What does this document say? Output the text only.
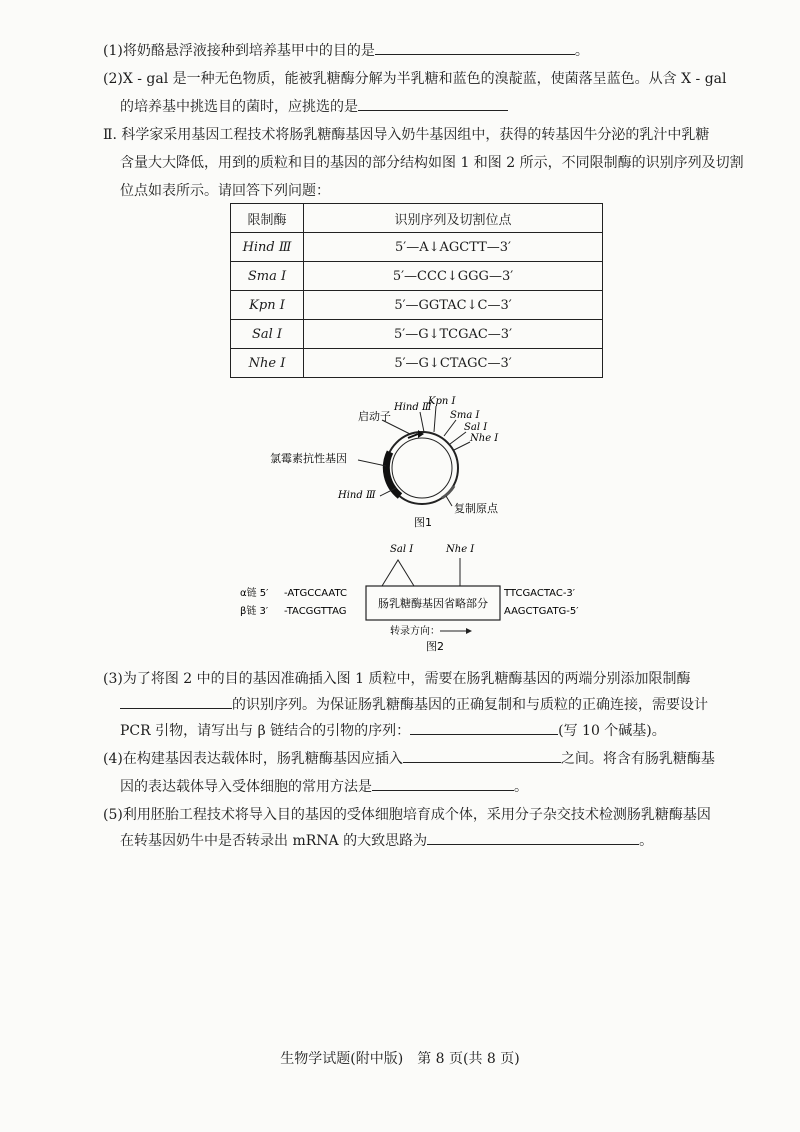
(1)将奶酪悬浮液接种到培养基甲中的目的是	。
(2)X - gal 是一种无色物质，能被乳糖酶分解为半乳糖和蓝色的溴靛蓝，使菌落呈蓝色。从含 X - gal
的培养基中挑选目的菌时，应挑选的是
Ⅱ. 科学家采用基因工程技术将肠乳糖酶基因导入奶牛基因组中，获得的转基因牛分泌的乳汁中乳糖
含量大大降低，用到的质粒和目的基因的部分结构如图 1 和图 2 所示，不同限制酶的识别序列及切割
位点如表所示。请回答下列问题：
限制酶	识别序列及切割位点
Hind Ⅲ	5′—A↓AGCTT—3′
Sma Ⅰ	5′—CCC↓GGG—3′
Kpn Ⅰ	5′—GGTAC↓C—3′
Sal Ⅰ	5′—G↓TCGAC—3′
Nhe Ⅰ	5′—G↓CTAGC—3′
启动子
Hind Ⅲ
Kpn Ⅰ
Sma Ⅰ
Sal Ⅰ
Nhe Ⅰ
氯霉素抗性基因
Hind Ⅲ
复制原点
图1
Sal Ⅰ	Nhe Ⅰ
肠乳糖酶基因省略部分
α链 5′ -ATGCCAATC
β链 3′ -TACGGTTAG
TTCGACTAC-3′
AAGCTGATG-5′
转录方向：
图2
(3)为了将图 2 中的目的基因准确插入图 1 质粒中，需要在肠乳糖酶基因的两端分别添加限制酶
的识别序列。为保证肠乳糖酶基因的正确复制和与质粒的正确连接，需要设计
PCR 引物，请写出与 β 链结合的引物的序列：	(写 10 个碱基)。
(4)在构建基因表达载体时，肠乳糖酶基因应插入	之间。将含有肠乳糖酶基
因的表达载体导入受体细胞的常用方法是	。
(5)利用胚胎工程技术将导入目的基因的受体细胞培育成个体，采用分子杂交技术检测肠乳糖酶基因
在转基因奶牛中是否转录出 mRNA 的大致思路为	。
生物学试题(附中版)　第 8 页(共 8 页)
